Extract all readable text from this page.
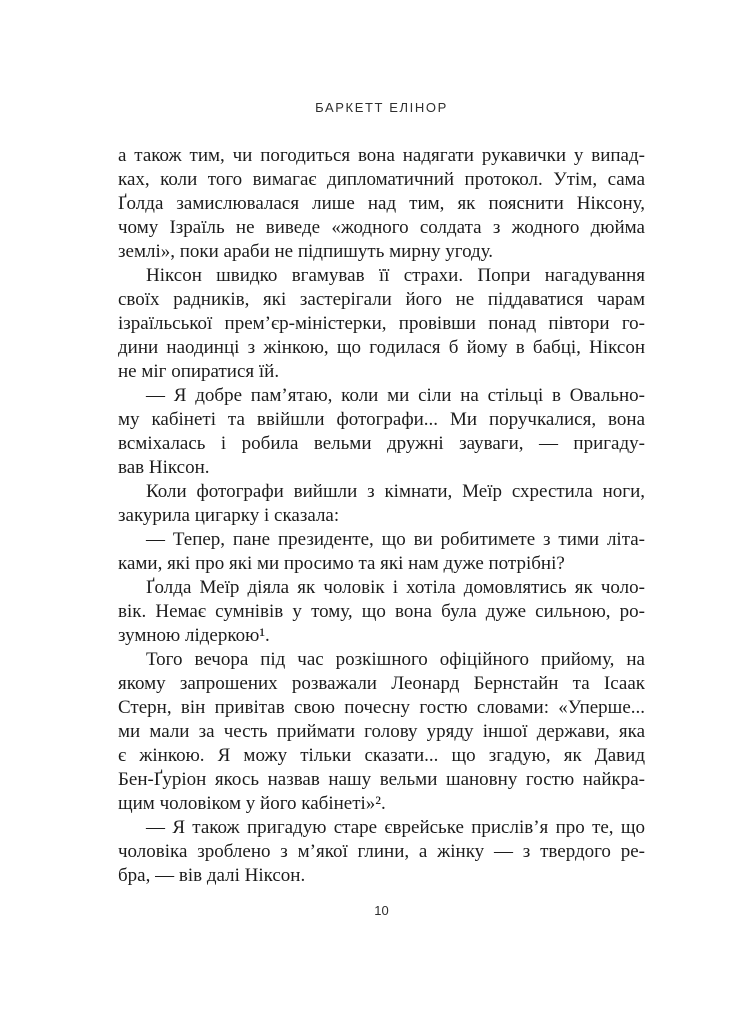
БАРКЕТТ ЕЛІНОР
а також тим, чи погодиться вона надягати рукавички у випад-
ках, коли того вимагає дипломатичний протокол. Утім, сама
Ґолда замислювалася лише над тим, як пояснити Ніксону,
чому Ізраїль не виведе «жодного солдата з жодного дюйма
землі», поки араби не підпишуть мирну угоду.
Ніксон швидко вгамував її страхи. Попри нагадування
своїх радників, які застерігали його не піддаватися чарам
ізраїльської прем’єр-міністерки, провівши понад півтори го-
дини наодинці з жінкою, що годилася б йому в бабці, Ніксон
не міг опиратися їй.
— Я добре пам’ятаю, коли ми сіли на стільці в Овально-
му кабінеті та ввійшли фотографи... Ми поручкалися, вона
всміхалась і робила вельми дружні зауваги, — пригаду-
вав Ніксон.
Коли фотографи вийшли з кімнати, Меїр схрестила ноги,
закурила цигарку і сказала:
— Тепер, пане президенте, що ви робитимете з тими літа-
ками, які про які ми просимо та які нам дуже потрібні?
Ґолда Меїр діяла як чоловік і хотіла домовлятись як чоло-
вік. Немає сумнівів у тому, що вона була дуже сильною, ро-
зумною лідеркою¹.
Того вечора під час розкішного офіційного прийому, на
якому запрошених розважали Леонард Бернстайн та Ісаак
Стерн, він привітав свою почесну гостю словами: «Уперше...
ми мали за честь приймати голову уряду іншої держави, яка
є жінкою. Я можу тільки сказати... що згадую, як Давид
Бен-Ґуріон якось назвав нашу вельми шановну гостю найкра-
щим чоловіком у його кабінеті»².
— Я також пригадую старе єврейське прислів’я про те, що
чоловіка зроблено з м’якої глини, а жінку — з твердого ре-
бра, — вів далі Ніксон.
10
